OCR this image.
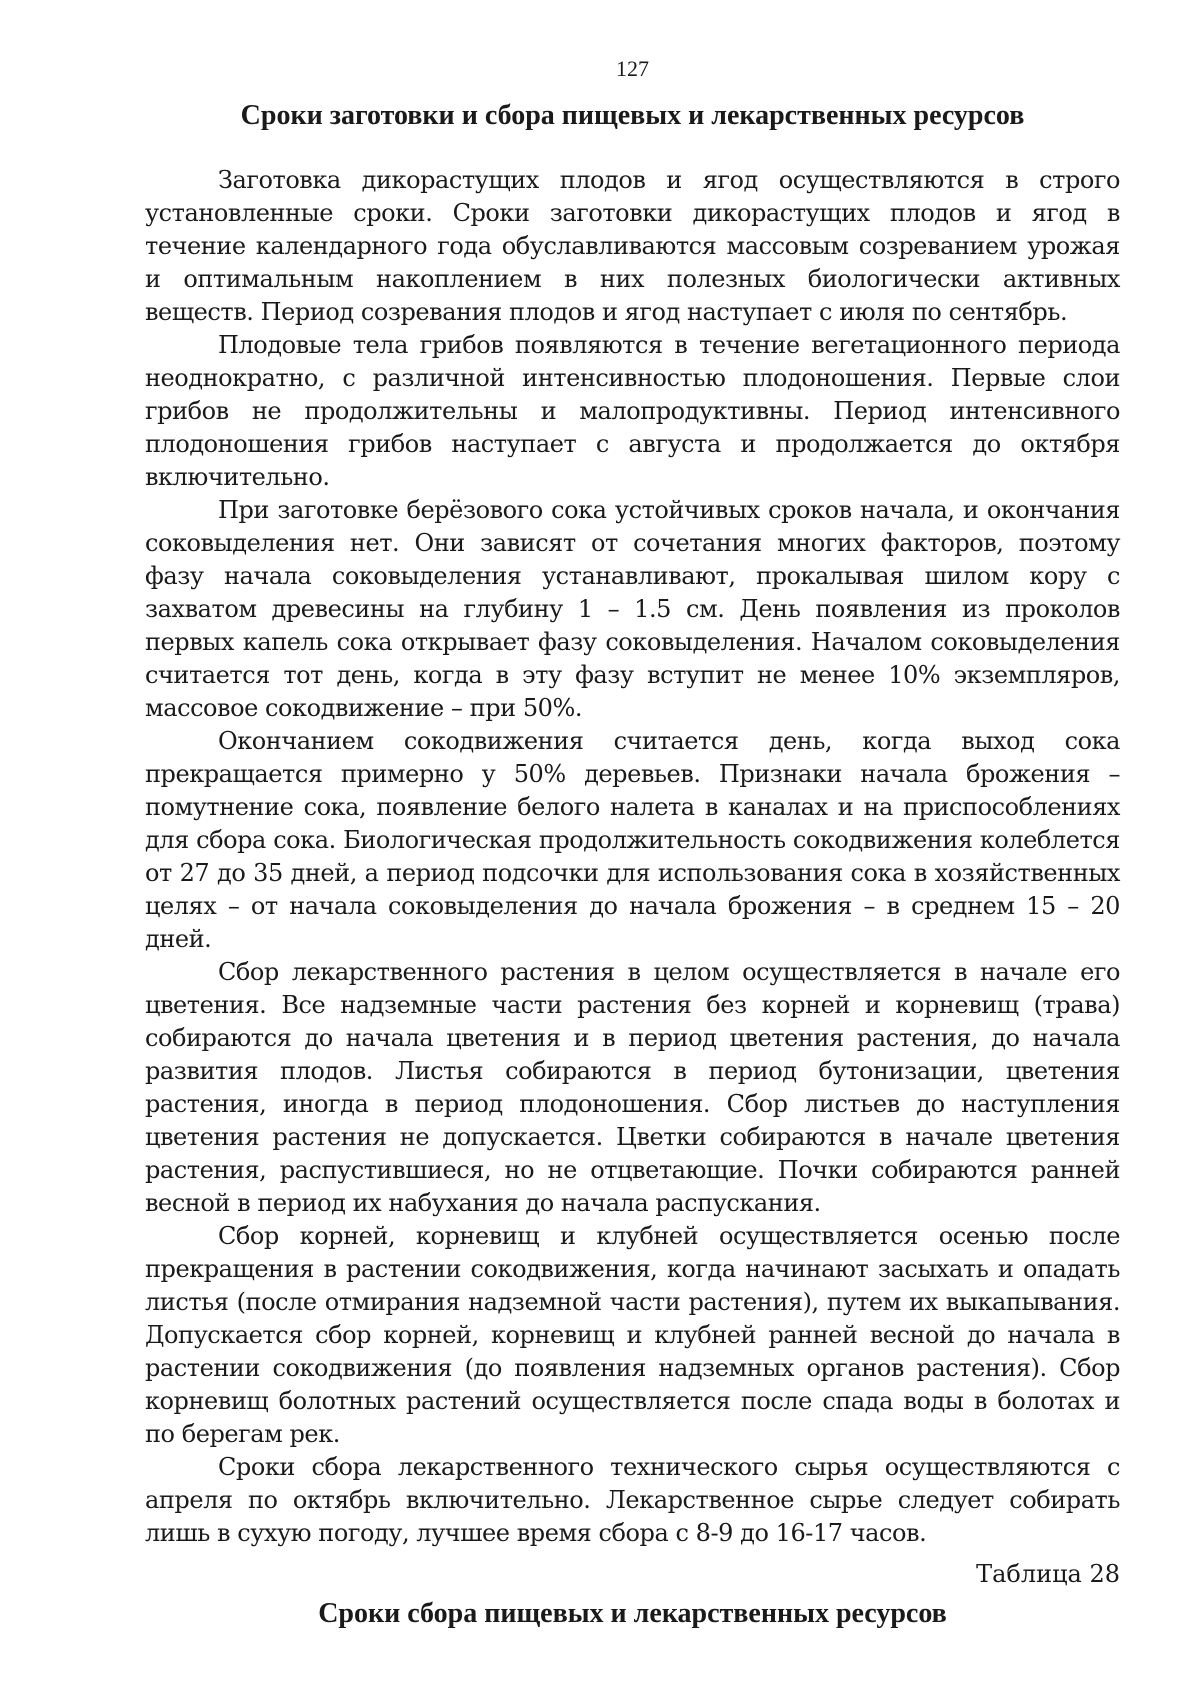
127
Сроки заготовки и сбора пищевых и лекарственных ресурсов

Заготовка дикорастущих плодов и ягод осуществляются в строго установленные сроки. Сроки заготовки дикорастущих плодов и ягод в течение календарного года обуславливаются массовым созреванием урожая и оптимальным накоплением в них полезных биологически активных веществ. Период созревания плодов и ягод наступает с июля по сентябрь.

Плодовые тела грибов появляются в течение вегетационного периода неоднократно, с различной интенсивностью плодоношения. Первые слои грибов не продолжительны и малопродуктивны. Период интенсивного плодоношения грибов наступает с августа и продолжается до октября включительно.

При заготовке берёзового сока устойчивых сроков начала, и окончания соковыделения нет. Они зависят от сочетания многих факторов, поэтому фазу начала соковыделения устанавливают, прокалывая шилом кору с захватом древесины на глубину 1 – 1.5 см. День появления из проколов первых капель сока открывает фазу соковыделения. Началом соковыделения считается тот день, когда в эту фазу вступит не менее 10% экземпляров, массовое сокодвижение – при 50%.

Окончанием сокодвижения считается день, когда выход сока прекращается примерно у 50% деревьев. Признаки начала брожения – помутнение сока, появление белого налета в каналах и на приспособлениях для сбора сока. Биологическая продолжительность сокодвижения колеблется от 27 до 35 дней, а период подсочки для использования сока в хозяйственных целях – от начала соковыделения до начала брожения – в среднем 15 – 20 дней.

Сбор лекарственного растения в целом осуществляется в начале его цветения. Все надземные части растения без корней и корневищ (трава) собираются до начала цветения и в период цветения растения, до начала развития плодов. Листья собираются в период бутонизации, цветения растения, иногда в период плодоношения. Сбор листьев до наступления цветения растения не допускается. Цветки собираются в начале цветения растения, распустившиеся, но не отцветающие. Почки собираются ранней весной в период их набухания до начала распускания.

Сбор корней, корневищ и клубней осуществляется осенью после прекращения в растении сокодвижения, когда начинают засыхать и опадать листья (после отмирания надземной части растения), путем их выкапывания. Допускается сбор корней, корневищ и клубней ранней весной до начала в растении сокодвижения (до появления надземных органов растения). Сбор корневищ болотных растений осуществляется после спада воды в болотах и по берегам рек.

Сроки сбора лекарственного технического сырья осуществляются с апреля по октябрь включительно. Лекарственное сырье следует собирать лишь в сухую погоду, лучшее время сбора с 8-9 до 16-17 часов.

Таблица 28
Сроки сбора пищевых и лекарственных ресурсов
